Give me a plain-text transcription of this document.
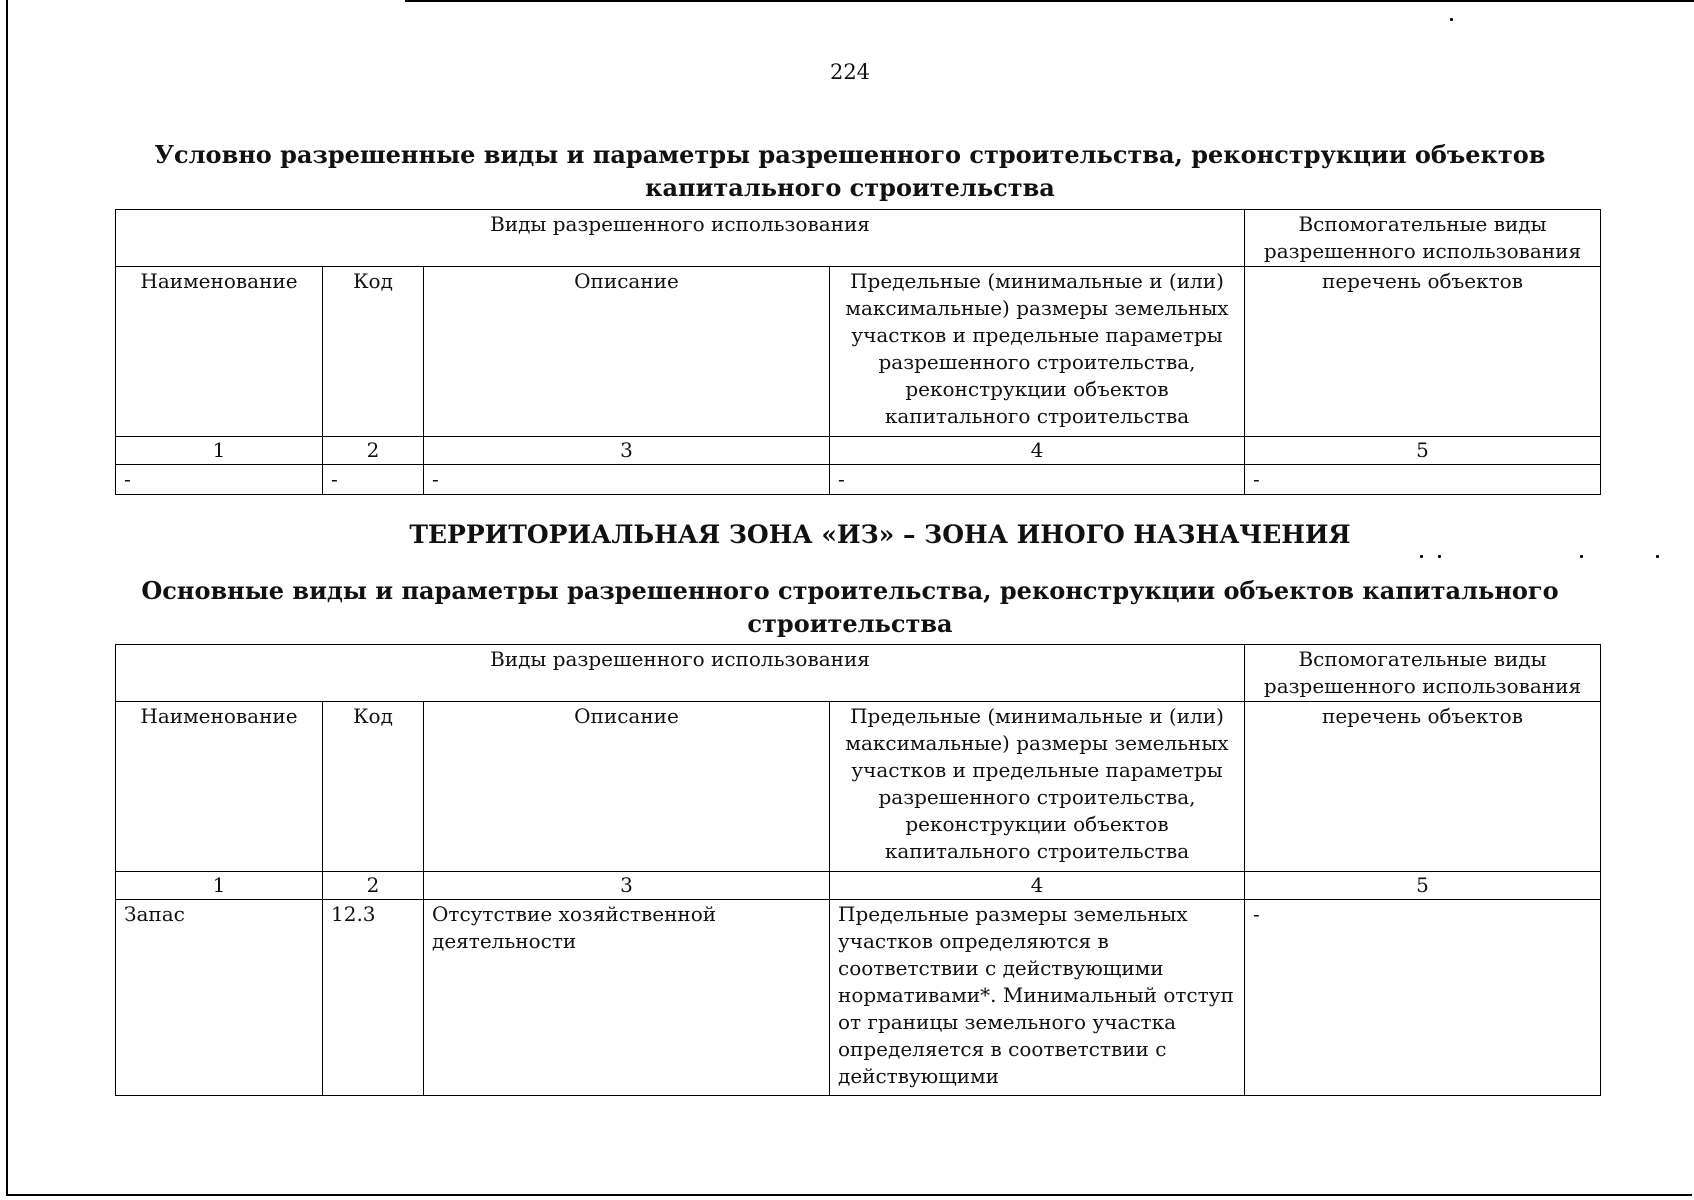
224
Условно разрешенные виды и параметры разрешенного строительства, реконструкции объектов капитального строительства
Виды разрешенного использования				Вспомогательные виды разрешенного использования
Наименование	Код	Описание	Предельные (минимальные и (или) максимальные) размеры земельных участков и предельные параметры разрешенного строительства, реконструкции объектов капитального строительства	перечень объектов
1	2	3	4	5
-	-	-	-	-
ТЕРРИТОРИАЛЬНАЯ ЗОНА «ИЗ» – ЗОНА ИНОГО НАЗНАЧЕНИЯ
Основные виды и параметры разрешенного строительства, реконструкции объектов капитального строительства
Виды разрешенного использования				Вспомогательные виды разрешенного использования
Наименование	Код	Описание	Предельные (минимальные и (или) максимальные) размеры земельных участков и предельные параметры разрешенного строительства, реконструкции объектов капитального строительства	перечень объектов
1	2	3	4	5
Запас	12.3	Отсутствие хозяйственной деятельности	Предельные размеры земельных участков определяются в соответствии с действующими нормативами*. Минимальный отступ от границы земельного участка определяется в соответствии с действующими	-
